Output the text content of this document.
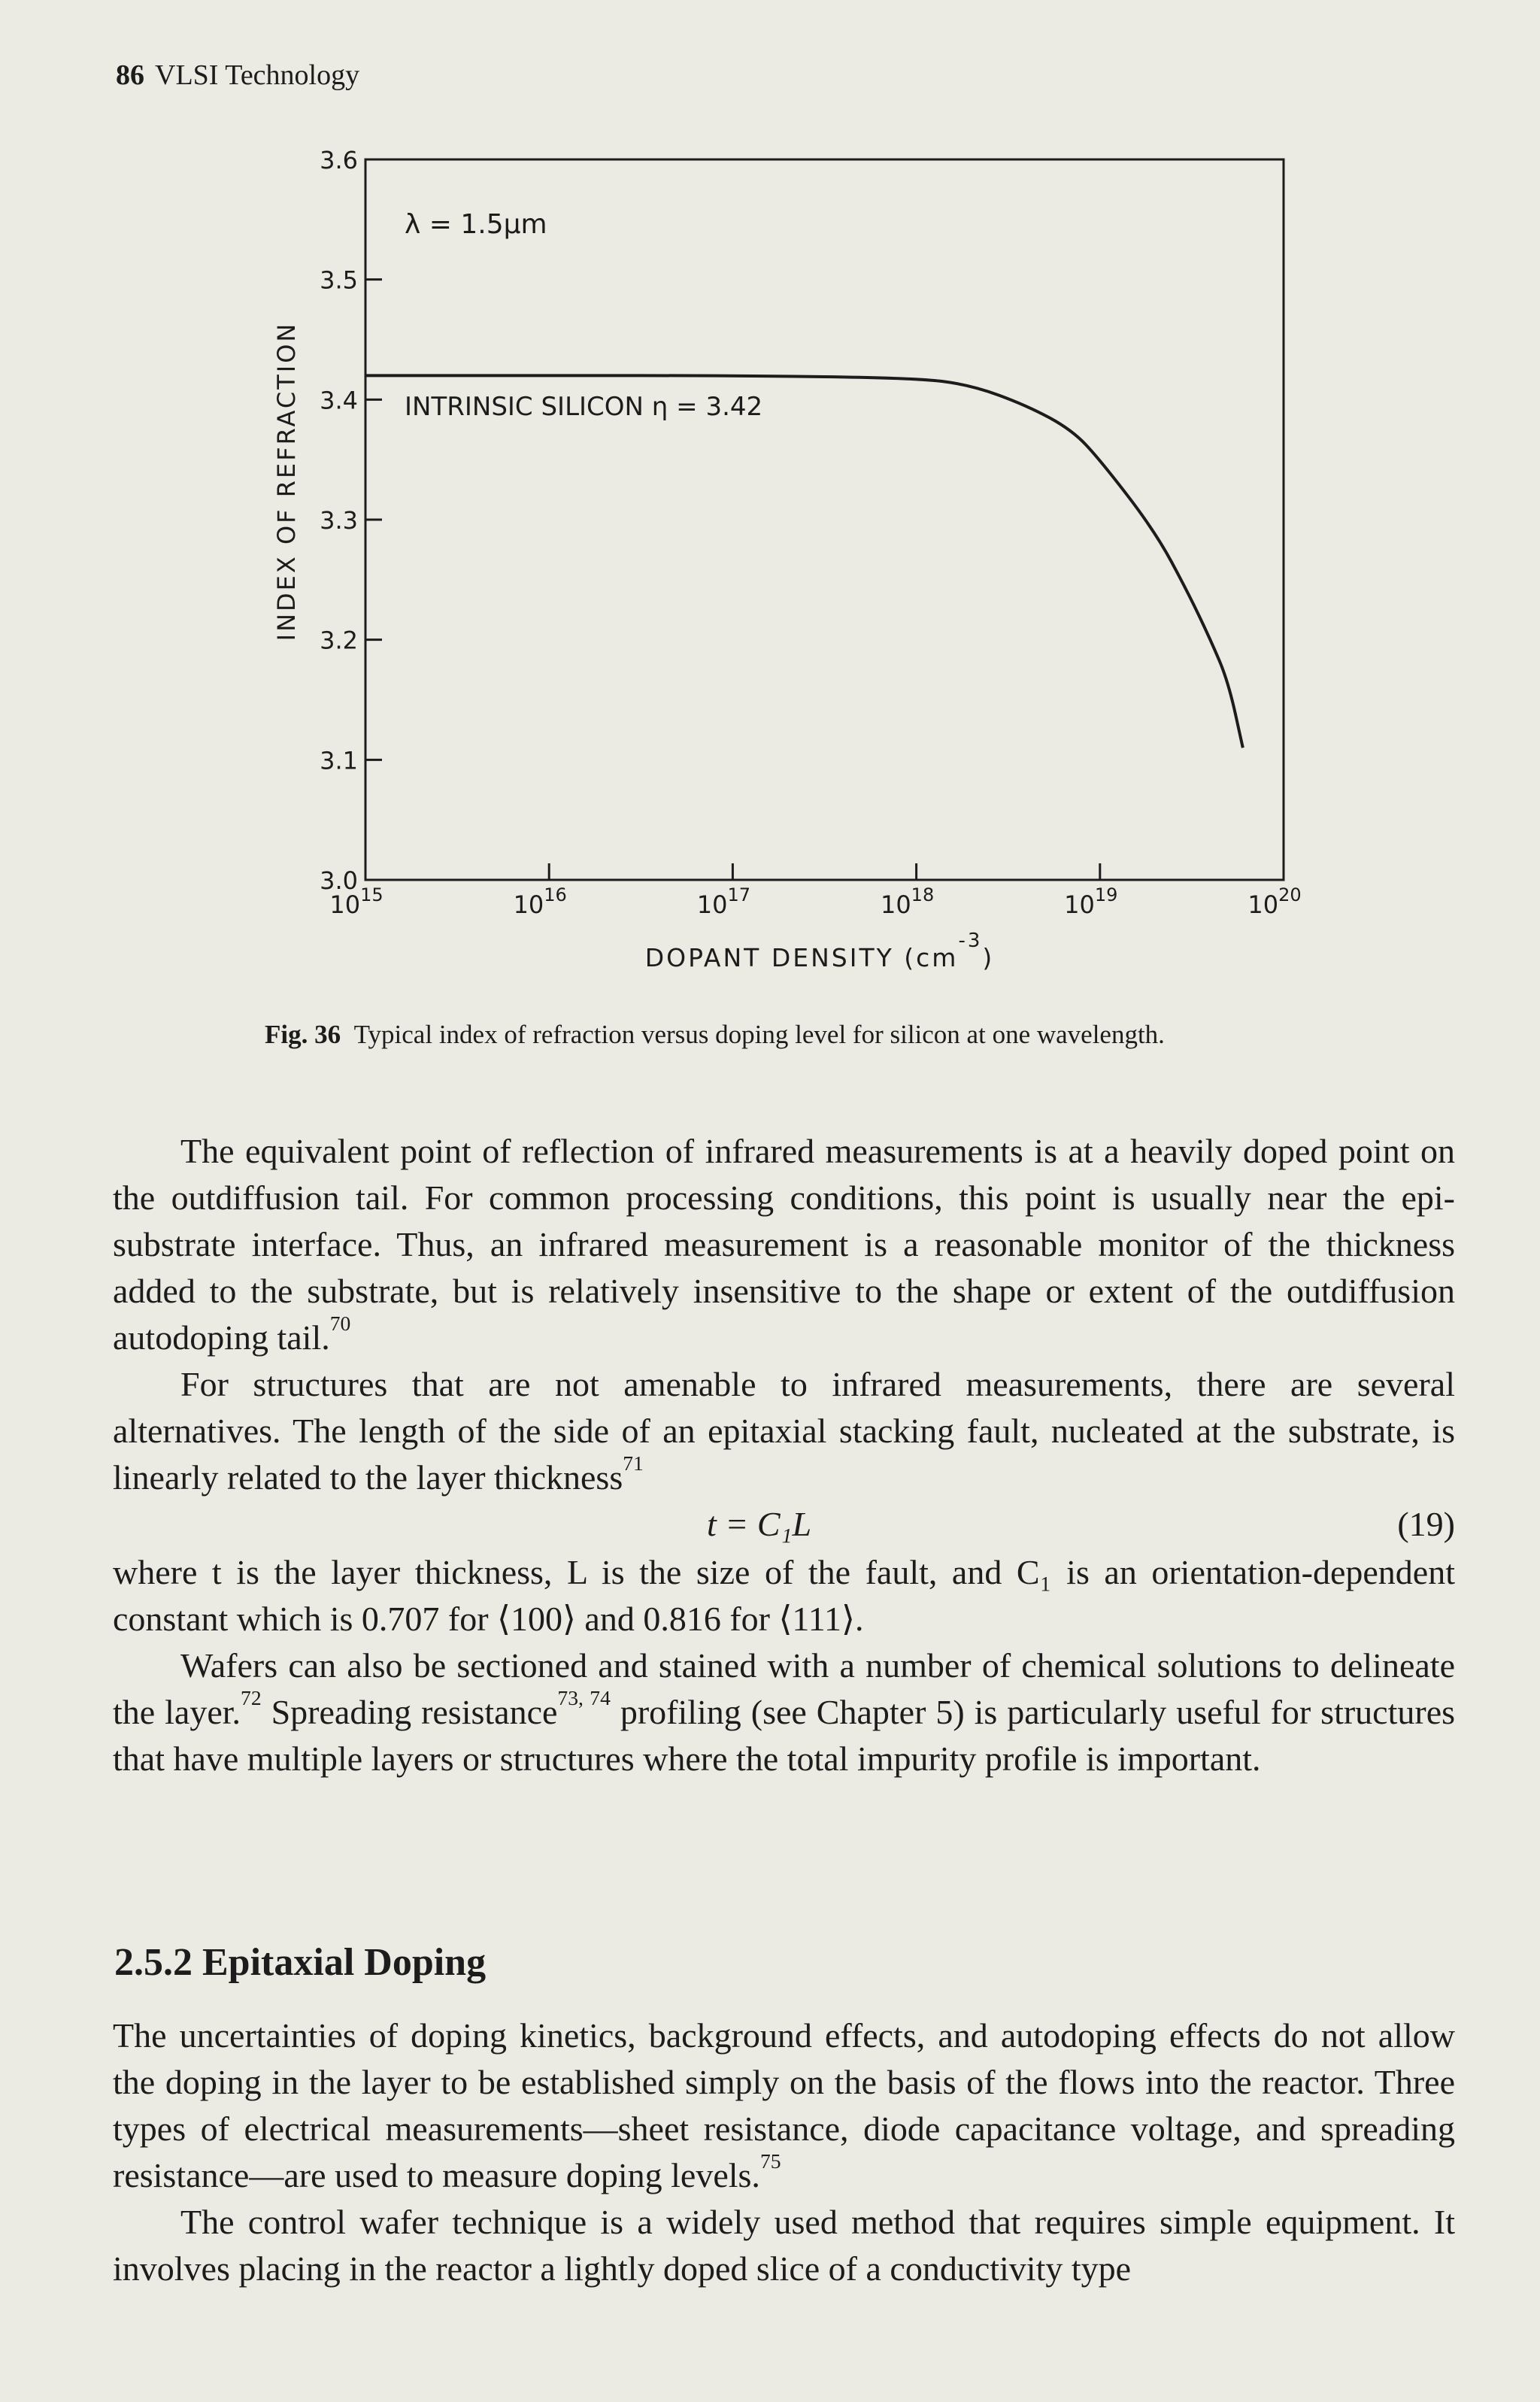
86 VLSI Technology
3.0
3.1
3.2
3.3
3.4
3.5
3.6
$10^{15}$	$10^{16}$	$10^{17}$	$10^{18}$	$10^{19}$	$10^{20}$
λ = 1.5μm
INTRINSIC SILICON η = 3.42
INDEX OF REFRACTION
DOPANT DENSITY $(cm^{-3})$
Fig. 36 Typical index of refraction versus doping level for silicon at one wavelength.

The equivalent point of reflection of infrared measurements is at a heavily doped point on the outdiffusion tail. For common processing conditions, this point is usually near the epi-substrate interface. Thus, an infrared measurement is a reasonable monitor of the thickness added to the substrate, but is relatively insensitive to the shape or extent of the outdiffusion autodoping tail.$^{70}$

For structures that are not amenable to infrared measurements, there are several alternatives. The length of the side of an epitaxial stacking fault, nucleated at the substrate, is linearly related to the layer thickness$^{71}$

t = C₁L	(19)

where t is the layer thickness, L is the size of the fault, and C₁ is an orientation-dependent constant which is 0.707 for ⟨100⟩ and 0.816 for ⟨111⟩.

Wafers can also be sectioned and stained with a number of chemical solutions to delineate the layer.$^{72}$ Spreading resistance$^{73, 74}$ profiling (see Chapter 5) is particularly useful for structures that have multiple layers or structures where the total impurity profile is important.

2.5.2 Epitaxial Doping

The uncertainties of doping kinetics, background effects, and autodoping effects do not allow the doping in the layer to be established simply on the basis of the flows into the reactor. Three types of electrical measurements—sheet resistance, diode capacitance voltage, and spreading resistance—are used to measure doping levels.$^{75}$

The control wafer technique is a widely used method that requires simple equipment. It involves placing in the reactor a lightly doped slice of a conductivity type
